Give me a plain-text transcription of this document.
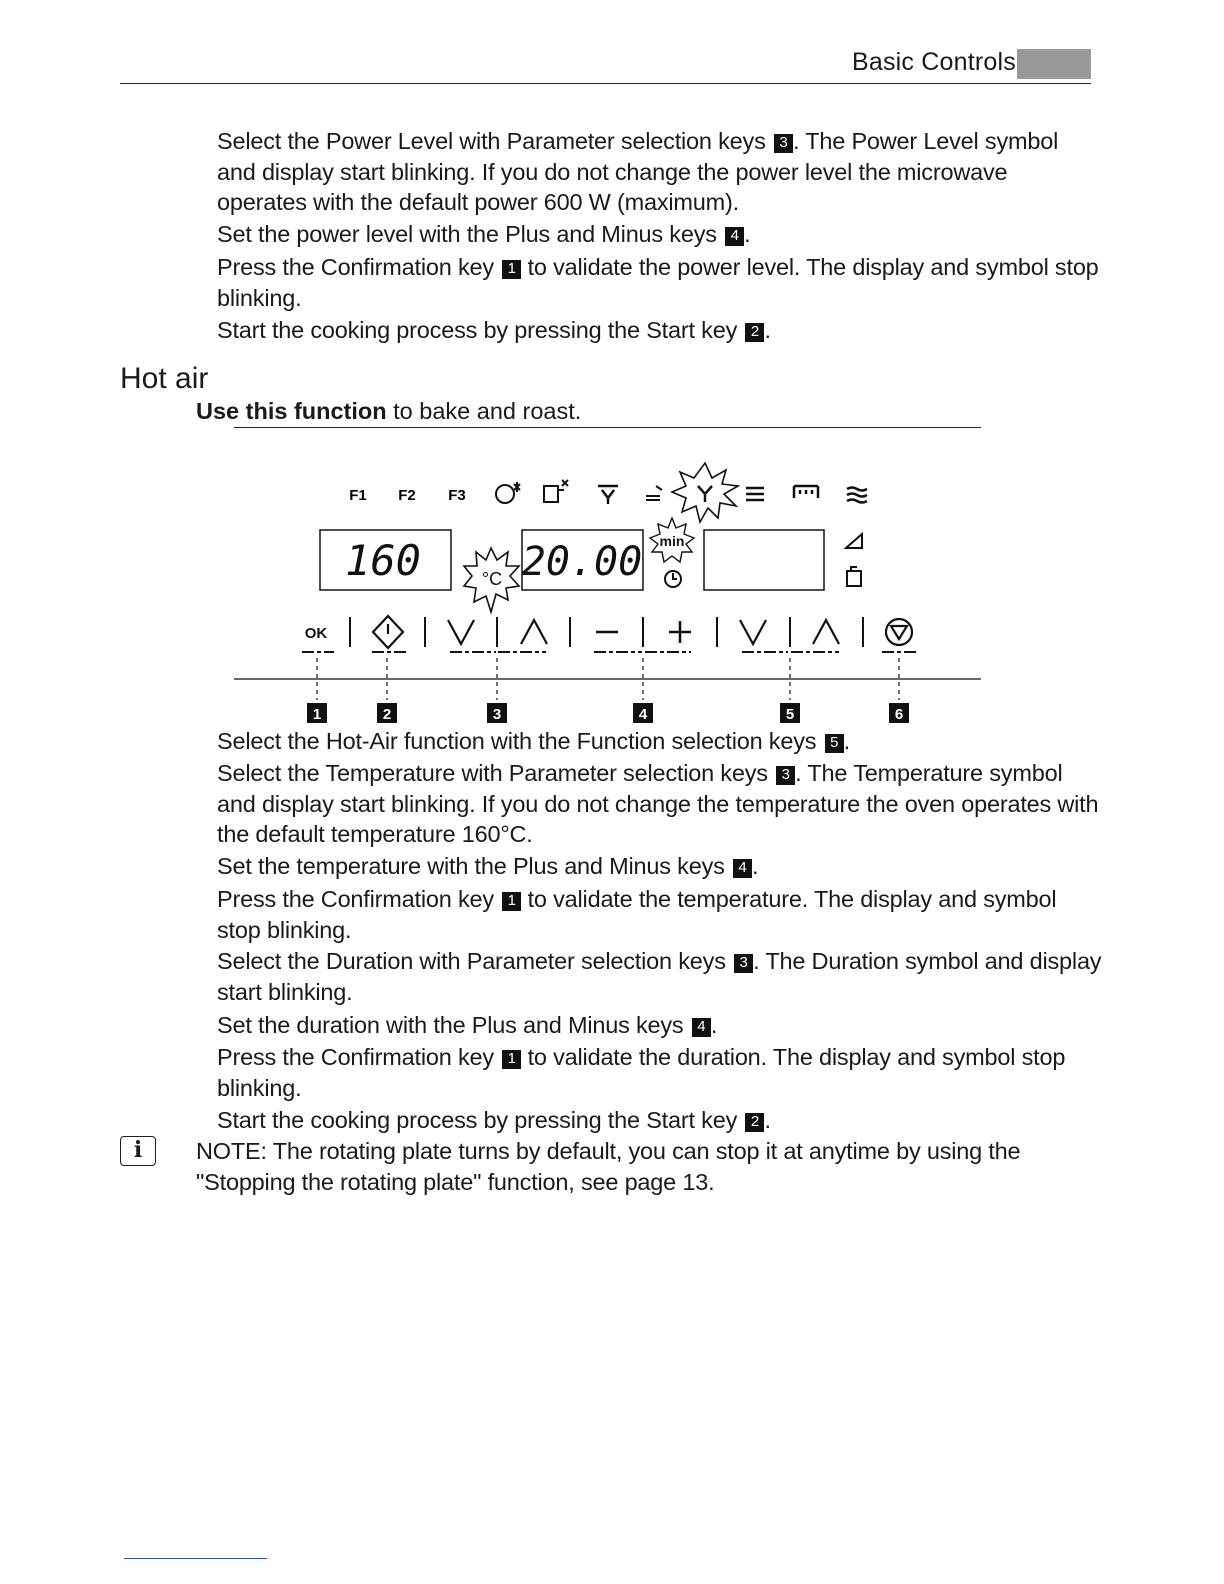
Basic Controls
Select the Power Level with Parameter selection keys 3 . The Power Level symbol and display start blinking. If you do not change the power level the microwave operates with the default power 600 W (maximum).
Set the power level with the Plus and Minus keys 4 .
Press the Confirmation key 1 to validate the power level. The display and symbol stop blinking.
Start the cooking process by pressing the Start key 2 .
Hot air
Use this function to bake and roast.
F1 F2 F3
160	°C 20.00 min
OK
1	2	3	4	5	6
Select the Hot-Air function with the Function selection keys 5 .
Select the Temperature with Parameter selection keys 3 . The Temperature symbol and display start blinking. If you do not change the temperature the oven operates with the default temperature 160°C.
Set the temperature with the Plus and Minus keys 4 .
Press the Confirmation key 1 to validate the temperature. The display and symbol stop blinking.
Select the Duration with Parameter selection keys 3 . The Duration symbol and display start blinking.
Set the duration with the Plus and Minus keys 4 .
Press the Confirmation key 1 to validate the duration. The display and symbol stop blinking.
Start the cooking process by pressing the Start key 2 .
i	NOTE: The rotating plate turns by default, you can stop it at anytime by using the "Stopping the rotating plate" function, see page 13.
